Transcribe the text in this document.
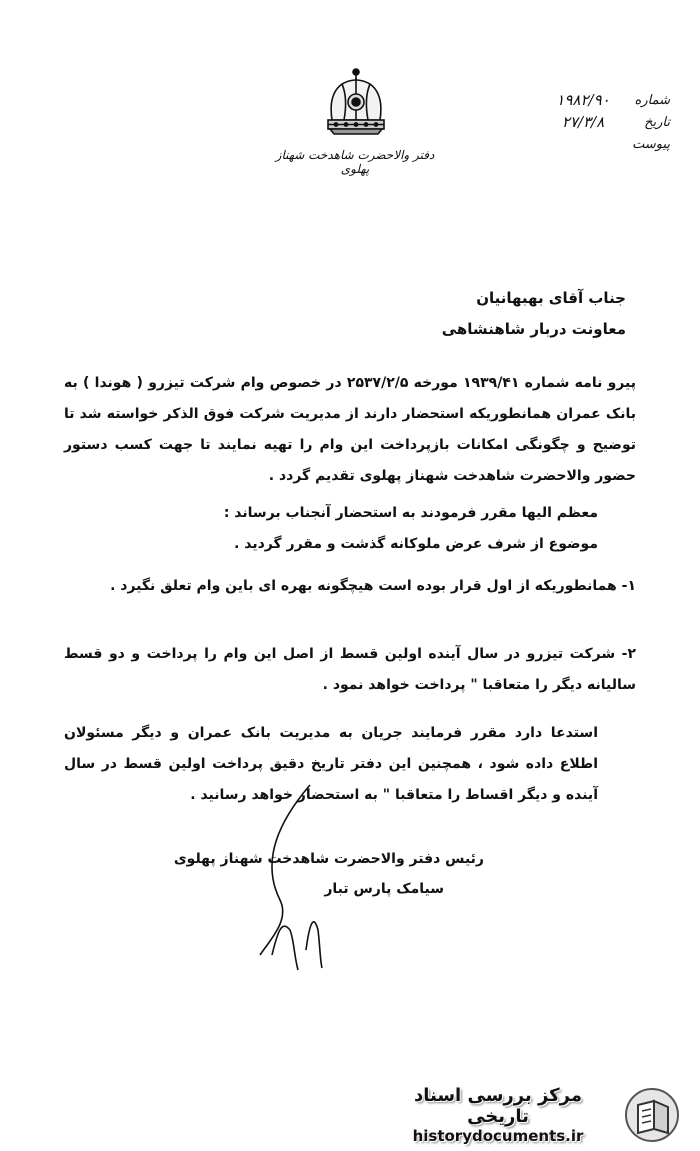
دفتر والاحضرت شاهدخت شهناز پهلوی
شماره
۱۹۸۲/۹۰
تاریخ
۲۷/۳/۸
پیوست
جناب آقای بهبهانیان
معاونت دربار شاهنشاهی
پیرو نامه شماره ۱۹۳۹/۴۱ مورخه ۲۵۳۷/۲/۵ در خصوص وام شرکت تیزرو ( هوندا ) به بانک عمران همانطوریکه استحضار دارند از مدیریت شرکت فوق الذکر خواسته شد تا توضیح و چگونگی امکانات بازپرداخت این وام را تهیه نمایند تا جهت کسب دستور حضور والاحضرت شاهدخت شهناز پهلوی تقدیم گردد .
معظم الیها مقرر فرمودند به استحضار آنجناب برساند :
موضوع از شرف عرض ملوکانه گذشت و مقرر گردید .
۱- همانطوریکه از اول قرار بوده است هیچگونه بهره ای باین وام تعلق نگیرد .
۲- شرکت تیزرو در سال آینده اولین قسط از اصل این وام را پرداخت و دو قسط سالیانه دیگر را متعاقبا " پرداخت خواهد نمود .
استدعا دارد مقرر فرمایند جریان به مدیریت بانک عمران و دیگر مسئولان اطلاع داده شود ، همچنین این دفتر تاریخ دقیق پرداخت اولین قسط در سال آینده و دیگر اقساط را متعاقبا " به استحضار خواهد رسانید .
رئیس دفتر والاحضرت شاهدخت شهناز پهلوی
سیامک پارس تبار
مرکز بررسی اسناد تاریخی
historydocuments.ir
